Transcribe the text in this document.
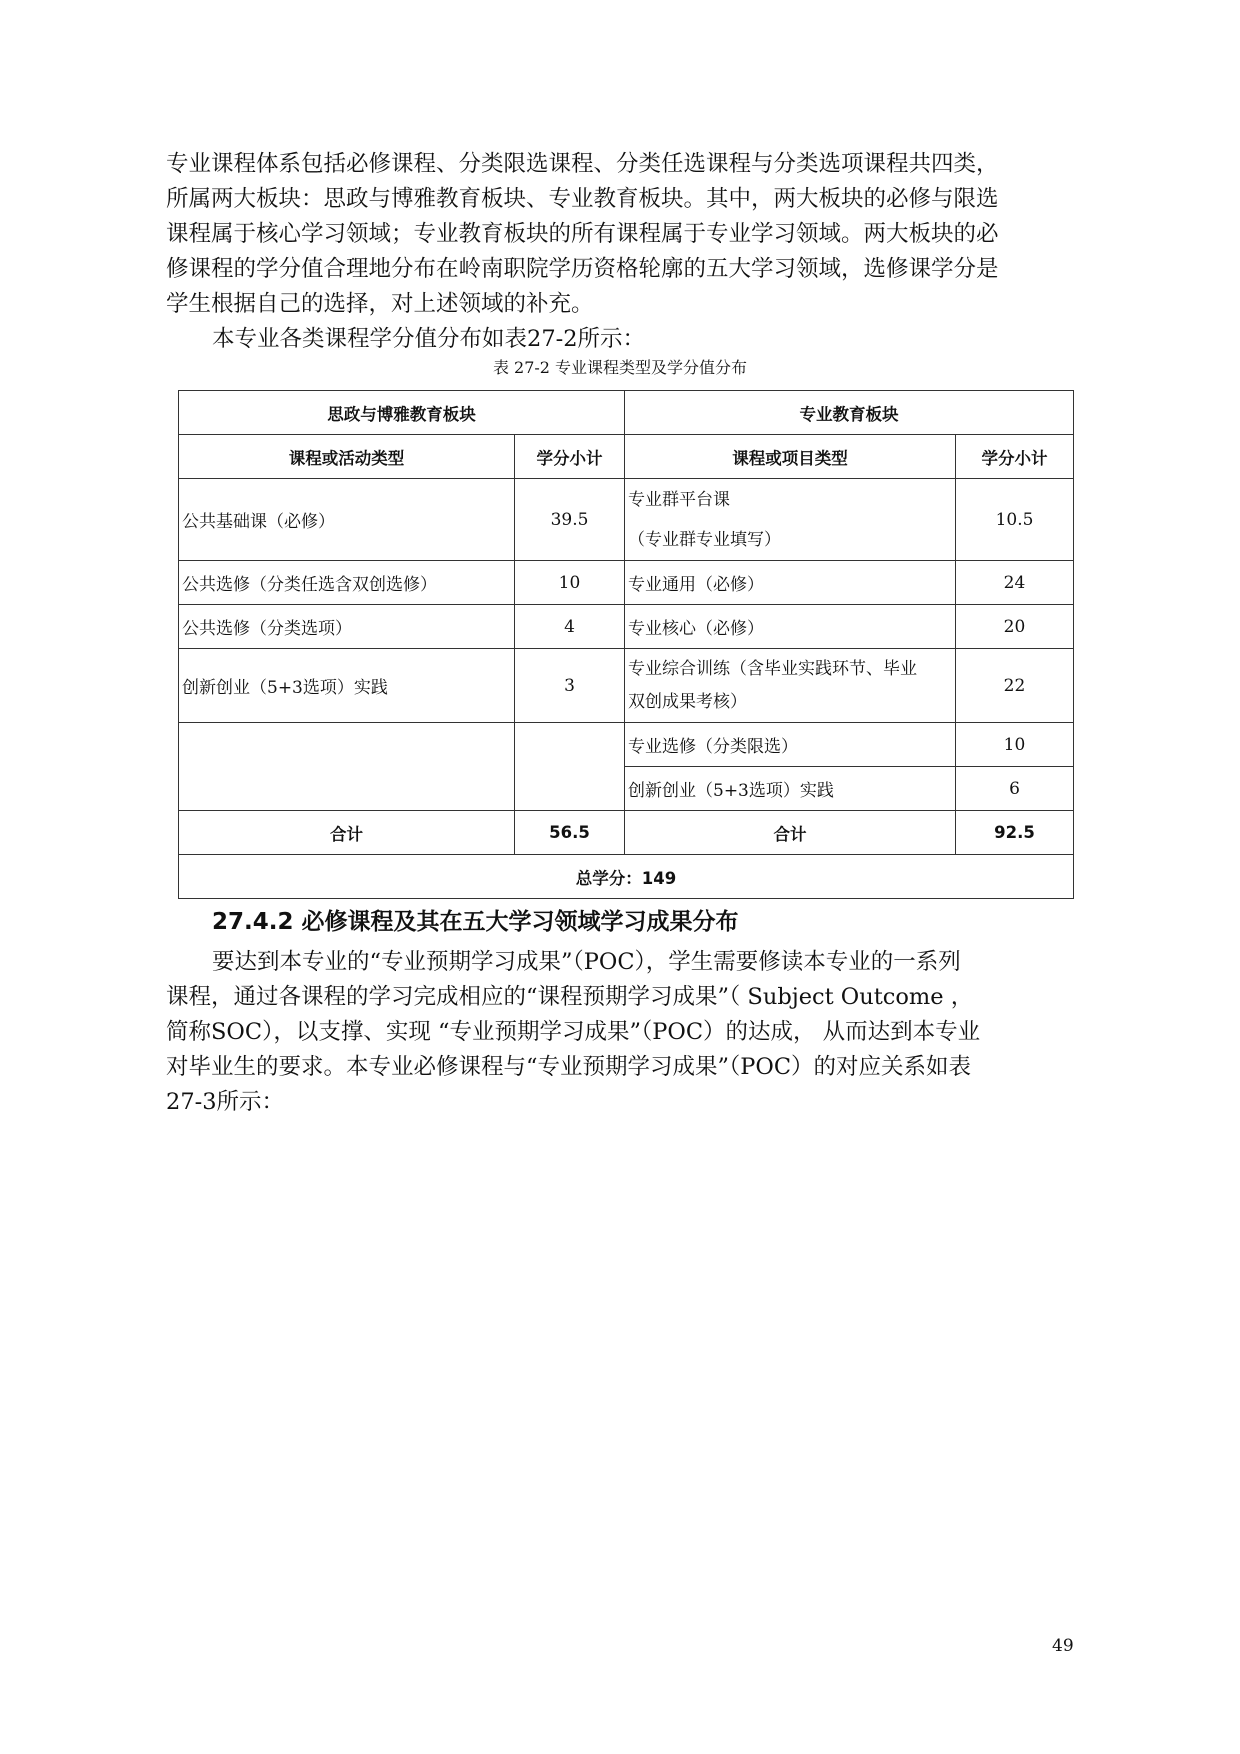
专业课程体系包括必修课程、分类限选课程、分类任选课程与分类选项课程共四类，
所属两大板块：思政与博雅教育板块、专业教育板块。其中，两大板块的必修与限选
课程属于核心学习领域；专业教育板块的所有课程属于专业学习领域。两大板块的必
修课程的学分值合理地分布在岭南职院学历资格轮廓的五大学习领域，选修课学分是
学生根据自己的选择，对上述领域的补充。

本专业各类课程学分值分布如表27-2所示：

表 27-2 专业课程类型及学分值分布
思政与博雅教育板块		专业教育板块	
课程或活动类型	学分小计	课程或项目类型	学分小计
公共基础课（必修）	39.5	专业群平台课
（专业群专业填写）	10.5
公共选修（分类任选含双创选修）	10	专业通用（必修）	24
公共选修（分类选项）	4	专业核心（必修）	20
创新创业（5+3选项）实践	3	专业综合训练（含毕业实践环节、毕业
双创成果考核）	22
		专业选修（分类限选）	10
		创新创业（5+3选项）实践	6
合计	56.5	合计	92.5
总学分：149			
27.4.2 必修课程及其在五大学习领域学习成果分布
要达到本专业的“专业预期学习成果”（POC），学生需要修读本专业的一系列
课程，通过各课程的学习完成相应的“课程预期学习成果”（ Subject Outcome ，
简称SOC），以支撑、实现 “专业预期学习成果”（POC）的达成， 从而达到本专业
对毕业生的要求。本专业必修课程与“专业预期学习成果”（POC）的对应关系如表
27-3所示：
49
